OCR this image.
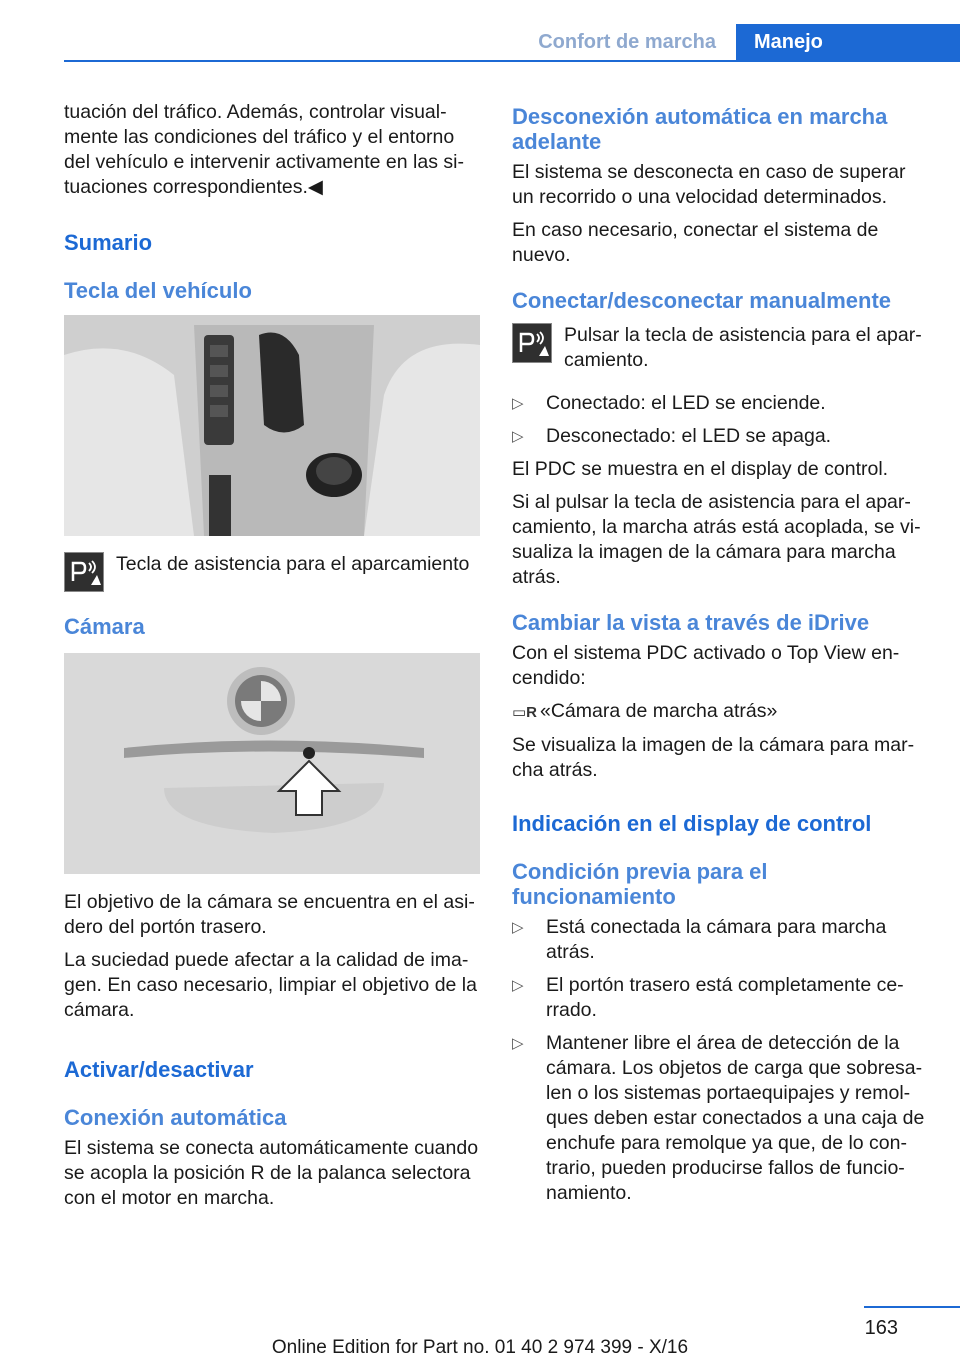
Confort de marcha	Manejo

tuación del tráfico. Además, controlar visual‐ mente las condiciones del tráfico y el entorno del vehículo e intervenir activamente en las si‐ tuaciones correspondientes.◀

Sumario
Tecla del vehículo

Tecla de asistencia para el aparcamiento

Cámara

El objetivo de la cámara se encuentra en el asi‐ dero del portón trasero.

La suciedad puede afectar a la calidad de ima‐ gen. En caso necesario, limpiar el objetivo de la cámara.

Activar/desactivar
Conexión automática

El sistema se conecta automáticamente cuando se acopla la posición R de la palanca selectora con el motor en marcha.

Desconexión automática en marcha adelante

El sistema se desconecta en caso de superar un recorrido o una velocidad determinados.

En caso necesario, conectar el sistema de nuevo.

Conectar/desconectar manualmente

Pulsar la tecla de asistencia para el apar‐ camiento.

▷ Conectado: el LED se enciende.
▷ Desconectado: el LED se apaga.

El PDC se muestra en el display de control.

Si al pulsar la tecla de asistencia para el apar‐ camiento, la marcha atrás está acoplada, se vi‐ sualiza la imagen de la cámara para marcha atrás.

Cambiar la vista a través de iDrive

Con el sistema PDC activado o Top View en‐ cendido:

▭R «Cámara de marcha atrás»

Se visualiza la imagen de la cámara para mar‐ cha atrás.

Indicación en el display de control
Condición previa para el funcionamiento
▷ Está conectada la cámara para marcha atrás.
▷ El portón trasero está completamente ce‐ rrado.
▷ Mantener libre el área de detección de la cámara. Los objetos de carga que sobresa‐ len o los sistemas portaequipajes y remol‐ ques deben estar conectados a una caja de enchufe para remolque ya que, de lo con‐ trario, pueden producirse fallos de funcio‐ namiento.
163
Online Edition for Part no. 01 40 2 974 399 - X/16
